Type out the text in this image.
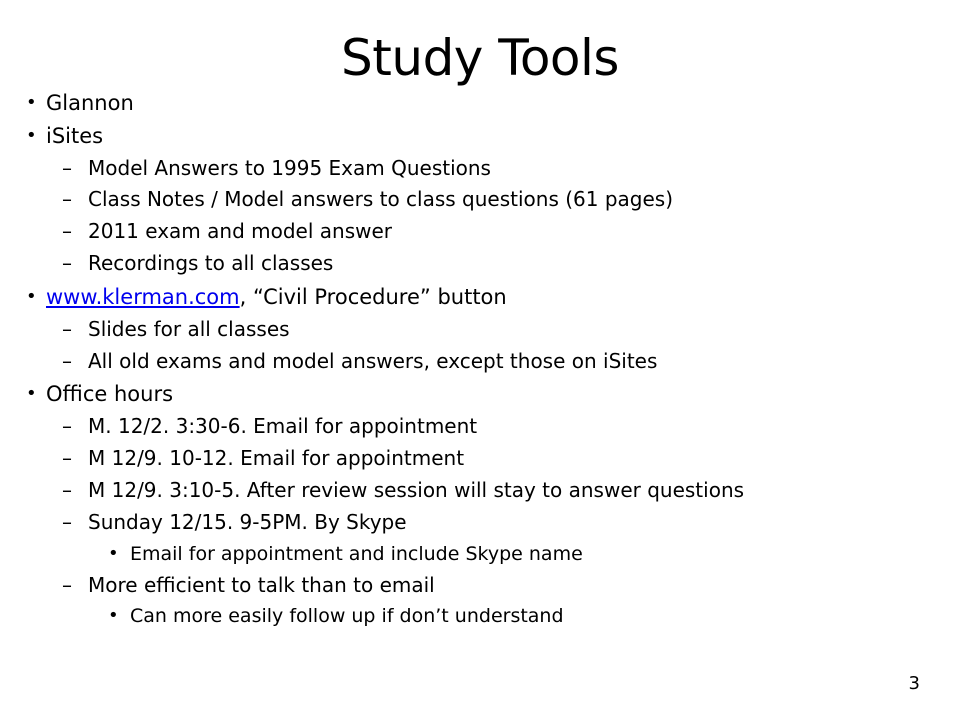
Study Tools
• Glannon
• iSites
– Model Answers to 1995 Exam Questions
– Class Notes / Model answers to class questions (61 pages)
– 2011 exam and model answer
– Recordings to all classes
• www.klerman.com, “Civil Procedure” button
– Slides for all classes
– All old exams and model answers, except those on iSites
• Office hours
– M. 12/2. 3:30-6. Email for appointment
– M 12/9. 10-12. Email for appointment
– M 12/9. 3:10-5. After review session will stay to answer questions
– Sunday 12/15. 9-5PM. By Skype
• Email for appointment and include Skype name
– More efficient to talk than to email
• Can more easily follow up if don’t understand
3
